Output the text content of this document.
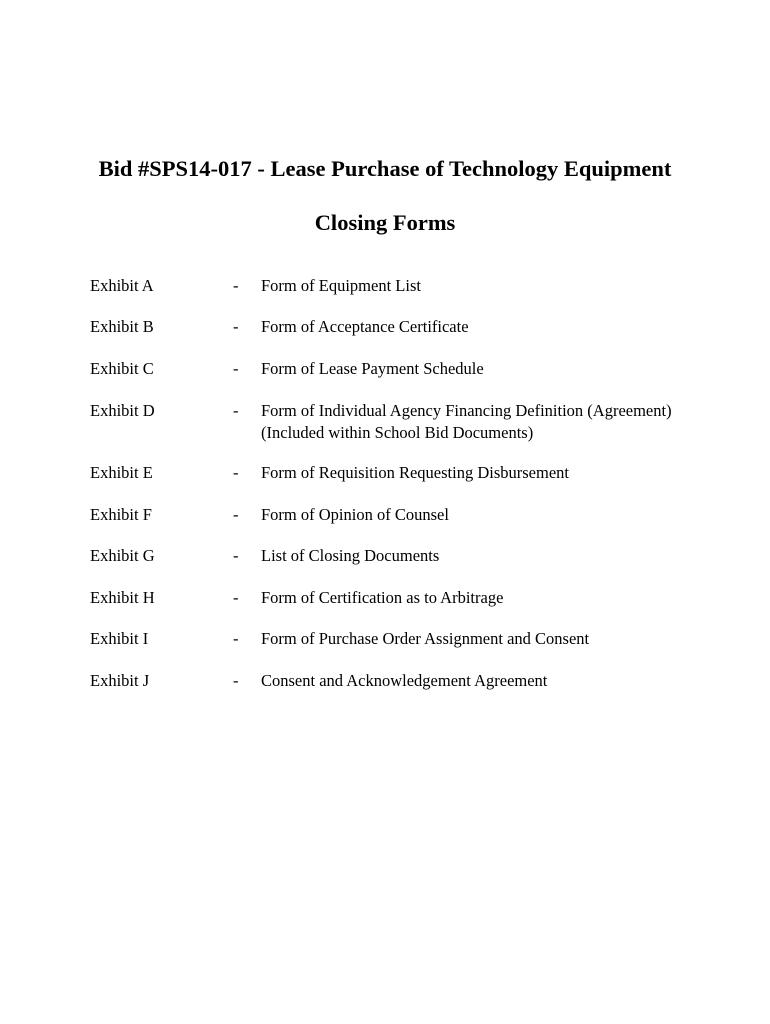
Bid #SPS14-017 - Lease Purchase of Technology Equipment
Closing Forms
Exhibit A	- Form of Equipment List
Exhibit B	- Form of Acceptance Certificate
Exhibit C	- Form of Lease Payment Schedule
Exhibit D	- Form of Individual Agency Financing Definition (Agreement)
(Included within School Bid Documents)
Exhibit E	- Form of Requisition Requesting Disbursement
Exhibit F	- Form of Opinion of Counsel
Exhibit G	- List of Closing Documents
Exhibit H	- Form of Certification as to Arbitrage
Exhibit I	- Form of Purchase Order Assignment and Consent
Exhibit J	- Consent and Acknowledgement Agreement
